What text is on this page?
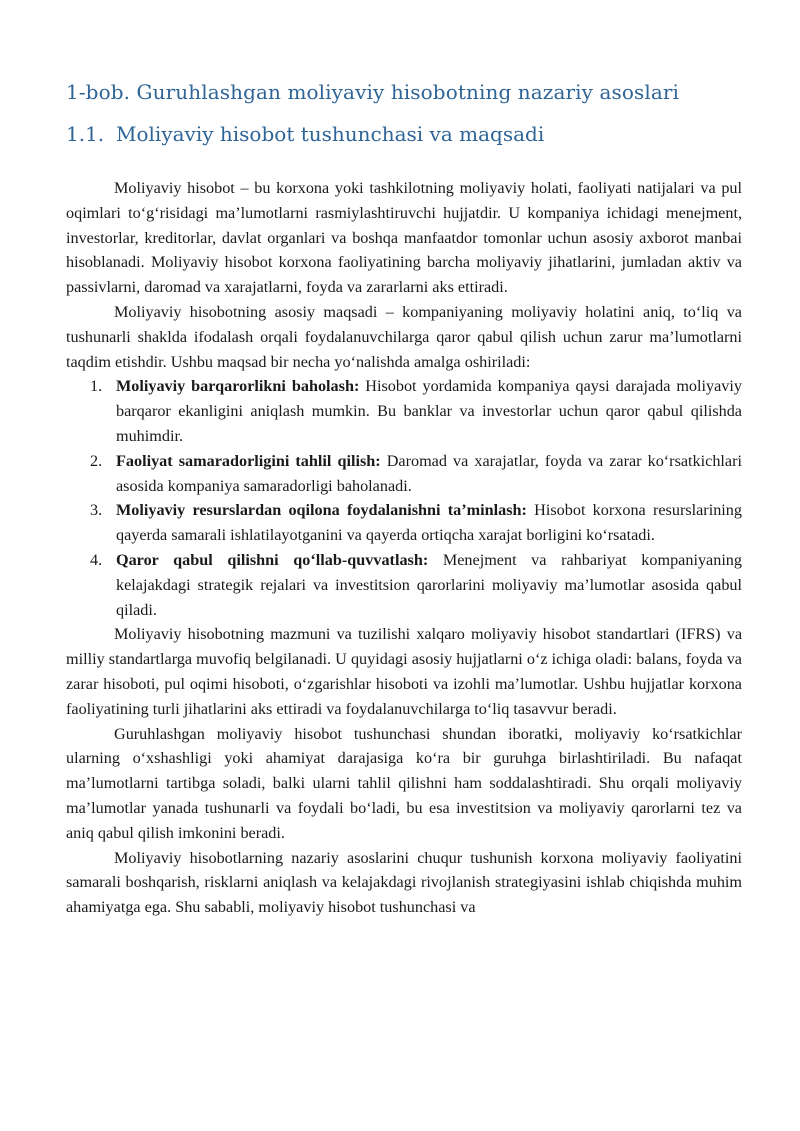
1-bob. Guruhlashgan moliyaviy hisobotning nazariy asoslari
1.1. Moliyaviy hisobot tushunchasi va maqsadi

Moliyaviy hisobot – bu korxona yoki tashkilotning moliyaviy holati, faoliyati natijalari va pul oqimlari to‘g‘risidagi ma’lumotlarni rasmiylashtiruvchi hujjatdir. U kompaniya ichidagi menejment, investorlar, kreditorlar, davlat organlari va boshqa manfaatdor tomonlar uchun asosiy axborot manbai hisoblanadi. Moliyaviy hisobot korxona faoliyatining barcha moliyaviy jihatlarini, jumladan aktiv va passivlarni, daromad va xarajatlarni, foyda va zararlarni aks ettiradi.

Moliyaviy hisobotning asosiy maqsadi – kompaniyaning moliyaviy holatini aniq, to‘liq va tushunarli shaklda ifodalash orqali foydalanuvchilarga qaror qabul qilish uchun zarur ma’lumotlarni taqdim etishdir. Ushbu maqsad bir necha yo‘nalishda amalga oshiriladi:

1. Moliyaviy barqarorlikni baholash: Hisobot yordamida kompaniya qaysi darajada moliyaviy barqaror ekanligini aniqlash mumkin. Bu banklar va investorlar uchun qaror qabul qilishda muhimdir.
2. Faoliyat samaradorligini tahlil qilish: Daromad va xarajatlar, foyda va zarar ko‘rsatkichlari asosida kompaniya samaradorligi baholanadi.
3. Moliyaviy resurslardan oqilona foydalanishni ta’minlash: Hisobot korxona resurslarining qayerda samarali ishlatilayotganini va qayerda ortiqcha xarajat borligini ko‘rsatadi.
4. Qaror qabul qilishni qo‘llab-quvvatlash: Menejment va rahbariyat kompaniyaning kelajakdagi strategik rejalari va investitsion qarorlarini moliyaviy ma’lumotlar asosida qabul qiladi.

Moliyaviy hisobotning mazmuni va tuzilishi xalqaro moliyaviy hisobot standartlari (IFRS) va milliy standartlarga muvofiq belgilanadi. U quyidagi asosiy hujjatlarni o‘z ichiga oladi: balans, foyda va zarar hisoboti, pul oqimi hisoboti, o‘zgarishlar hisoboti va izohli ma’lumotlar. Ushbu hujjatlar korxona faoliyatining turli jihatlarini aks ettiradi va foydalanuvchilarga to‘liq tasavvur beradi.

Guruhlashgan moliyaviy hisobot tushunchasi shundan iboratki, moliyaviy ko‘rsatkichlar ularning o‘xshashligi yoki ahamiyat darajasiga ko‘ra bir guruhga birlashtiriladi. Bu nafaqat ma’lumotlarni tartibga soladi, balki ularni tahlil qilishni ham soddalashtiradi. Shu orqali moliyaviy ma’lumotlar yanada tushunarli va foydali bo‘ladi, bu esa investitsion va moliyaviy qarorlarni tez va aniq qabul qilish imkonini beradi.

Moliyaviy hisobotlarning nazariy asoslarini chuqur tushunish korxona moliyaviy faoliyatini samarali boshqarish, risklarni aniqlash va kelajakdagi rivojlanish strategiyasini ishlab chiqishda muhim ahamiyatga ega. Shu sababli, moliyaviy hisobot tushunchasi va
